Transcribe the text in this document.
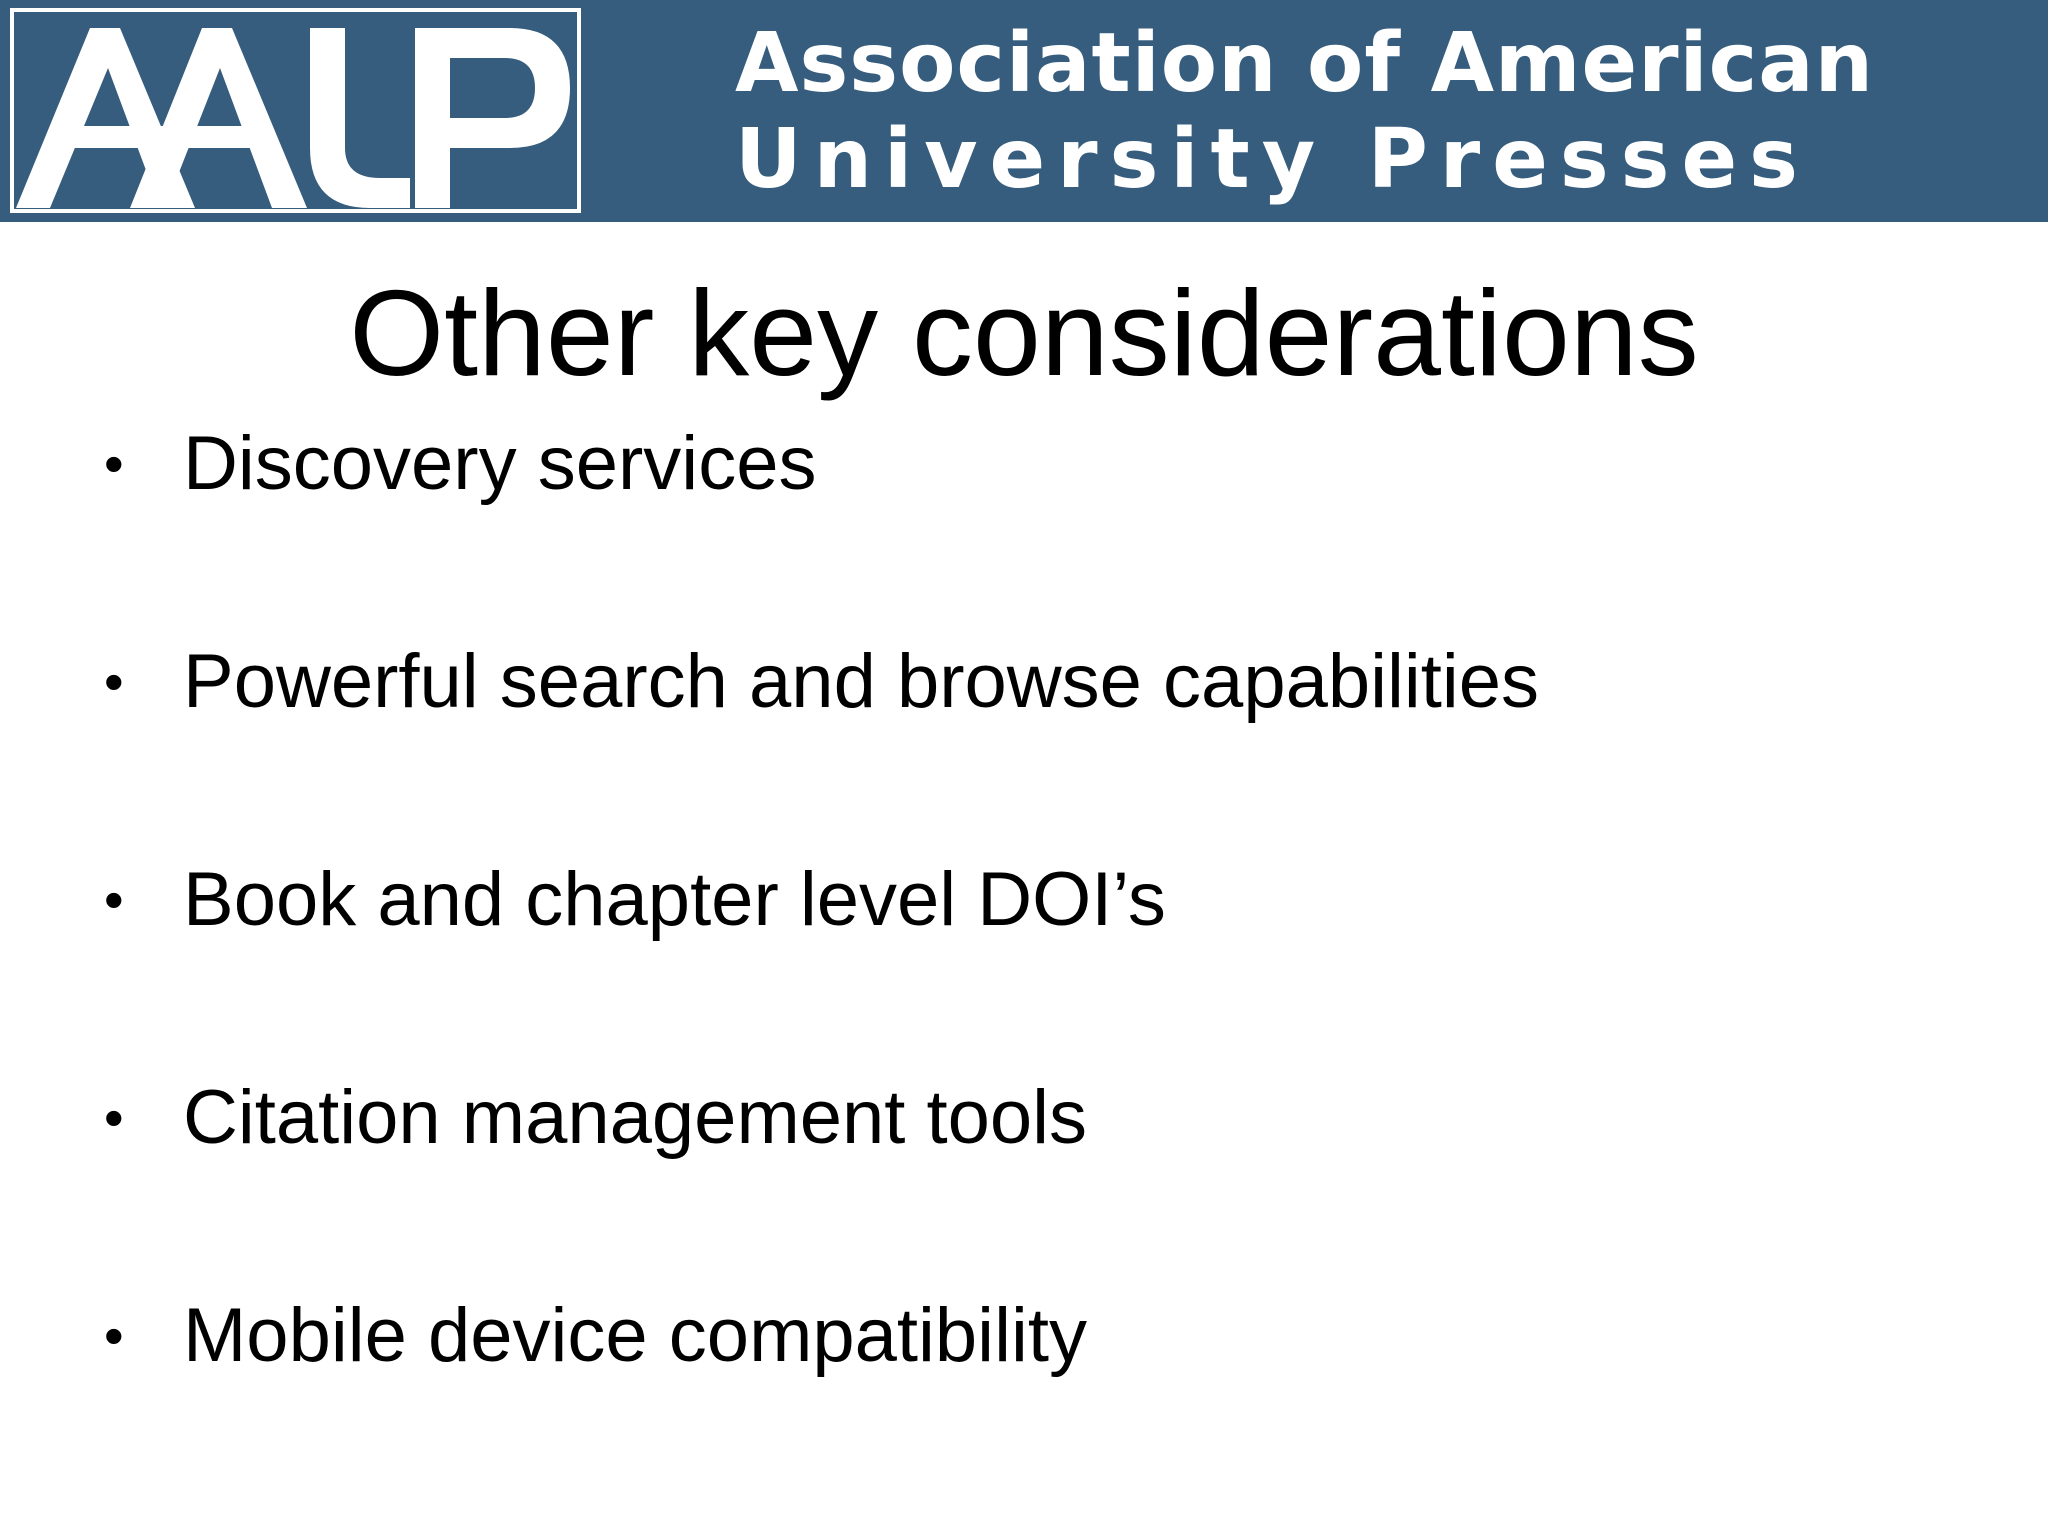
Association of American
University Presses
Other key considerations
• Discovery services
• Powerful search and browse capabilities
• Book and chapter level DOI’s
• Citation management tools
• Mobile device compatibility
